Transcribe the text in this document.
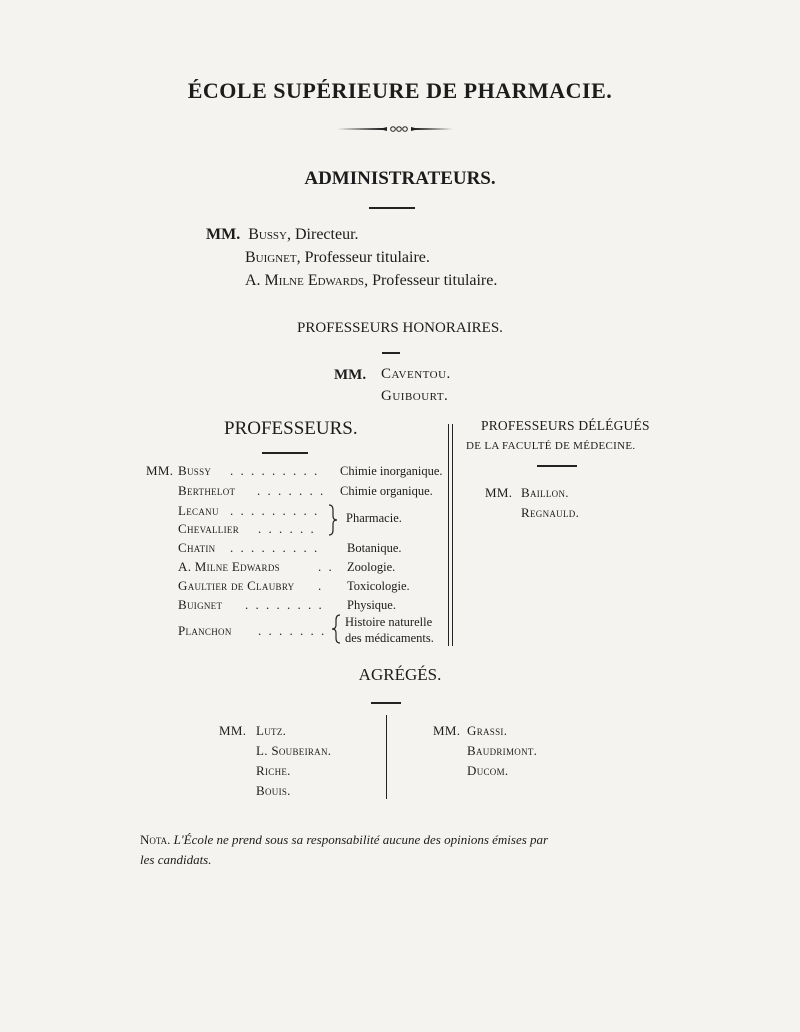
ÉCOLE SUPÉRIEURE DE PHARMACIE.
ADMINISTRATEURS.
MM. Bussy, Directeur.
Buignet, Professeur titulaire.
A. Milne Edwards, Professeur titulaire.
PROFESSEURS HONORAIRES.
MM. Caventou.
Guibourt.
PROFESSEURS.
MM. Bussy . . . . . . . . . Chimie inorganique.
Berthelot . . . . . . . Chimie organique.
Lecanu . . . . . . . . .
Chevallier . . . . . .
Pharmacie.
Chatin . . . . . . . . . Botanique.
A. Milne Edwards	. . Zoologie.
Gaultier de Claubry . Toxicologie.
Buignet . . . . . . . . Physique.
Planchon . . . . . . .
Histoire naturelle
des médicaments.
PROFESSEURS DÉLÉGUÉS
DE LA FACULTÉ DE MÉDECINE.
MM. Baillon.
Regnauld.
AGRÉGÉS.
MM. Lutz.
L. Soubeiran.
Riche.
Bouis.
MM. Grassi.
Baudrimont.
Ducom.
Nota. L'École ne prend sous sa responsabilité aucune des opinions émises par
les candidats.
